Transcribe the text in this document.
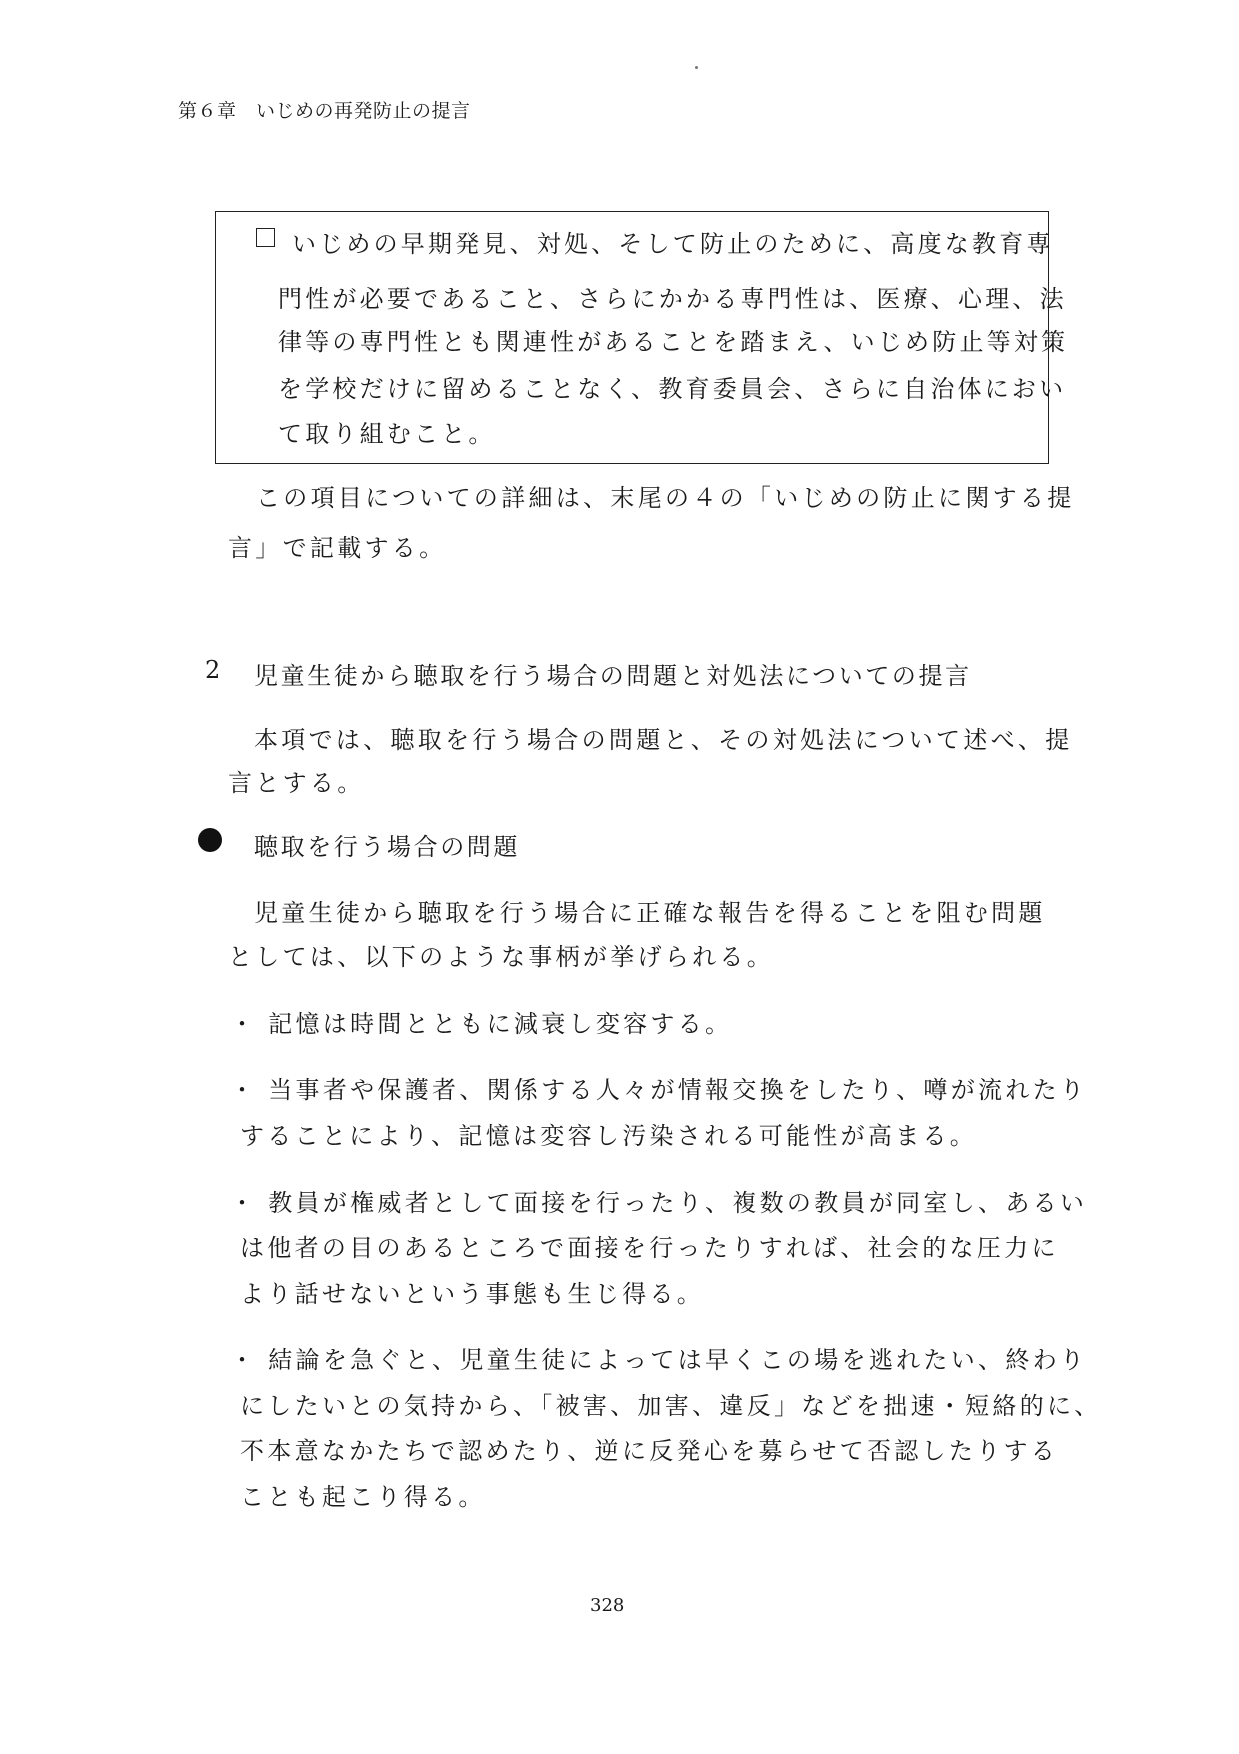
第６章　いじめの再発防止の提言
いじめの早期発見、対処、そして防止のために、高度な教育専
門性が必要であること、さらにかかる専門性は、医療、心理、法
律等の専門性とも関連性があることを踏まえ、いじめ防止等対策
を学校だけに留めることなく、教育委員会、さらに自治体におい
て取り組むこと。
この項目についての詳細は、末尾の４の「いじめの防止に関する提
言」で記載する。
2 児童生徒から聴取を行う場合の問題と対処法についての提言
本項では、聴取を行う場合の問題と、その対処法について述べ、提
言とする。
聴取を行う場合の問題
児童生徒から聴取を行う場合に正確な報告を得ることを阻む問題
としては、以下のような事柄が挙げられる。
・ 記憶は時間とともに減衰し変容する。
・ 当事者や保護者、関係する人々が情報交換をしたり、噂が流れたり
することにより、記憶は変容し汚染される可能性が高まる。
・ 教員が権威者として面接を行ったり、複数の教員が同室し、あるい
は他者の目のあるところで面接を行ったりすれば、社会的な圧力に
より話せないという事態も生じ得る。
・ 結論を急ぐと、児童生徒によっては早くこの場を逃れたい、終わり
にしたいとの気持から、「被害、加害、違反」などを拙速・短絡的に、
不本意なかたちで認めたり、逆に反発心を募らせて否認したりする
ことも起こり得る。
328
